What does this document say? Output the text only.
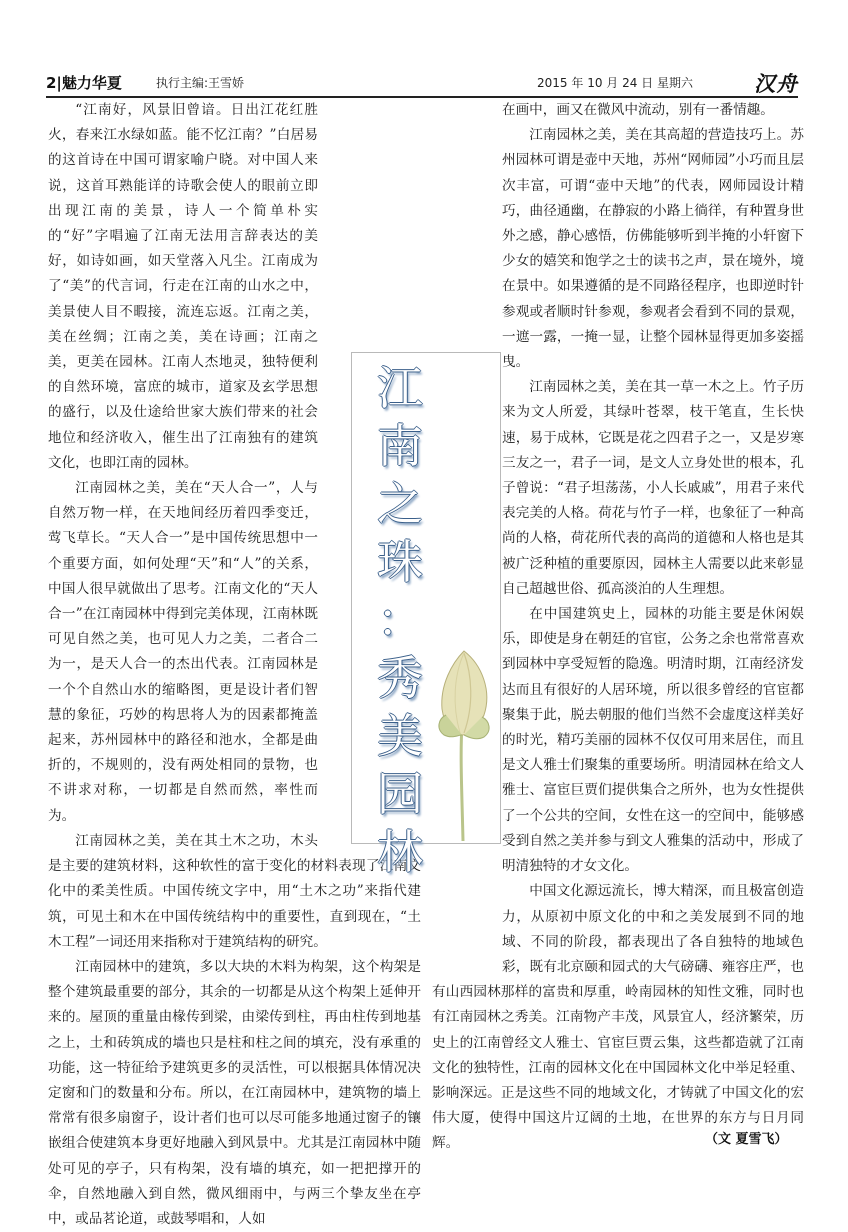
2|魅力华夏	执行主编:王雪娇	2015 年 10 月 24 日 星期六	汉舟

“江南好，风景旧曾谙。日出江花红胜火，春来江水绿如蓝。能不忆江南？”白居易的这首诗在中国可谓家喻户晓。对中国人来说，这首耳熟能详的诗歌会使人的眼前立即出现江南的美景，诗人一个简单朴实的“好”字唱遍了江南无法用言辞表达的美好，如诗如画，如天堂落入凡尘。江南成为了“美”的代言词，行走在江南的山水之中，美景使人目不暇接，流连忘返。江南之美，美在丝绸；江南之美，美在诗画；江南之美，更美在园林。江南人杰地灵，独特便利的自然环境，富庶的城市，道家及玄学思想的盛行，以及仕途给世家大族们带来的社会地位和经济收入，催生出了江南独有的建筑文化，也即江南的园林。

江南园林之美，美在“天人合一”，人与自然万物一样，在天地间经历着四季变迁，莺飞草长。“天人合一”是中国传统思想中一个重要方面，如何处理“天”和“人”的关系，中国人很早就做出了思考。江南文化的“天人合一”在江南园林中得到完美体现，江南林既可见自然之美，也可见人力之美，二者合二为一，是天人合一的杰出代表。江南园林是一个个自然山水的缩略图，更是设计者们智慧的象征，巧妙的构思将人为的因素都掩盖起来，苏州园林中的路径和池水，全都是曲折的，不规则的，没有两处相同的景物，也不讲求对称，一切都是自然而然，率性而为。

江南园林之美，美在其土木之功，木头是主要的建筑材料，这种软性的富于变化的材料表现了江南文化中的柔美性质。中国传统文字中，用“土木之功”来指代建筑，可见土和木在中国传统结构中的重要性，直到现在，“土木工程”一词还用来指称对于建筑结构的研究。

江南园林中的建筑，多以大块的木料为构架，这个构架是整个建筑最重要的部分，其余的一切都是从这个构架上延伸开来的。屋顶的重量由椽传到梁，由梁传到柱，再由柱传到地基之上，土和砖筑成的墙也只是柱和柱之间的填充，没有承重的功能，这一特征给予建筑更多的灵活性，可以根据具体情况决定窗和门的数量和分布。所以，在江南园林中，建筑物的墙上常常有很多扇窗子，设计者们也可以尽可能多地通过窗子的镶嵌组合使建筑本身更好地融入到风景中。尤其是江南园林中随处可见的亭子，只有构架，没有墙的填充，如一把把撑开的伞，自然地融入到自然，微风细雨中，与两三个挚友坐在亭中，或品茗论道，或鼓琴唱和，人如

在画中，画又在微风中流动，别有一番情趣。

江南园林之美，美在其高超的营造技巧上。苏州园林可谓是壶中天地，苏州“网师园”小巧而且层次丰富，可谓“壶中天地”的代表，网师园设计精巧，曲径通幽，在静寂的小路上徜徉，有种置身世外之感，静心感悟，仿佛能够听到半掩的小轩窗下少女的嬉笑和饱学之士的读书之声，景在境外，境在景中。如果遵循的是不同路径程序，也即逆时针参观或者顺时针参观，参观者会看到不同的景观，一遮一露，一掩一显，让整个园林显得更加多姿摇曳。

江南园林之美，美在其一草一木之上。竹子历来为文人所爱，其绿叶苍翠，枝干笔直，生长快速，易于成林，它既是花之四君子之一，又是岁寒三友之一，君子一词，是文人立身处世的根本，孔子曾说：“君子坦荡荡，小人长戚戚”，用君子来代表完美的人格。荷花与竹子一样，也象征了一种高尚的人格，荷花所代表的高尚的道德和人格也是其被广泛种植的重要原因，园林主人需要以此来彰显自己超越世俗、孤高淡泊的人生理想。

在中国建筑史上，园林的功能主要是休闲娱乐，即使是身在朝廷的官宦，公务之余也常常喜欢到园林中享受短暂的隐逸。明清时期，江南经济发达而且有很好的人居环境，所以很多曾经的官宦都聚集于此，脱去朝服的他们当然不会虚度这样美好的时光，精巧美丽的园林不仅仅可用来居住，而且是文人雅士们聚集的重要场所。明清园林在给文人雅士、富宦巨贾们提供集合之所外，也为女性提供了一个公共的空间，女性在这一的空间中，能够感受到自然之美并参与到文人雅集的活动中，形成了明清独特的才女文化。

中国文化源远流长，博大精深，而且极富创造力，从原初中原文化的中和之美发展到不同的地域、不同的阶段，都表现出了各自独特的地域色彩，既有北京颐和园式的大气磅礴、雍容庄严，也有山西园林那样的富贵和厚重，岭南园林的知性文雅，同时也有江南园林之秀美。江南物产丰茂，风景宜人，经济繁荣，历史上的江南曾经文人雅士、官宦巨贾云集，这些都造就了江南文化的独特性，江南的园林文化在中国园林文化中举足轻重、影响深远。正是这些不同的地域文化，才铸就了中国文化的宏伟大厦，使得中国这片辽阔的土地，在世界的东方与日月同辉。

江
南
之
珠
：
秀
美
园
林
（文 夏雪飞）
